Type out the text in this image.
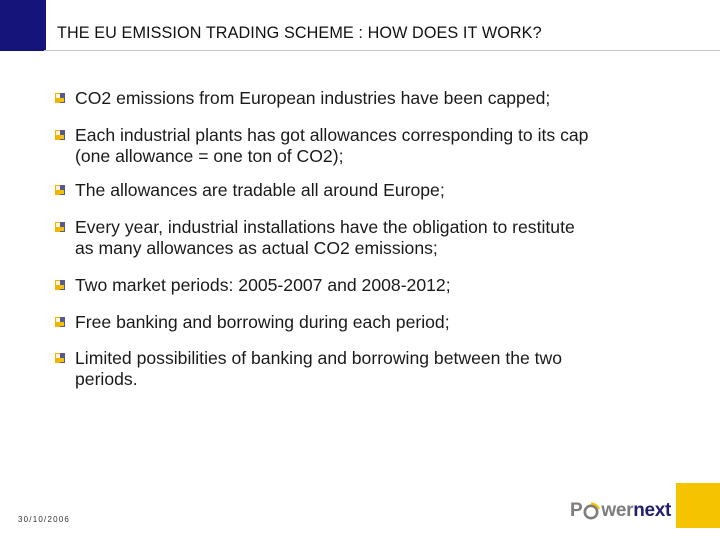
THE EU EMISSION TRADING SCHEME : HOW DOES IT WORK?
CO2 emissions from European industries have been capped;
Each industrial plants has got allowances corresponding to its cap
(one allowance = one ton of CO2);
The allowances are tradable all around Europe;
Every year, industrial installations have the obligation to restitute
as many allowances as actual CO2 emissions;
Two market periods: 2005-2007 and 2008-2012;
Free banking and borrowing during each period;
Limited possibilities of banking and borrowing between the two
periods.
30/10/2006	P wer next
